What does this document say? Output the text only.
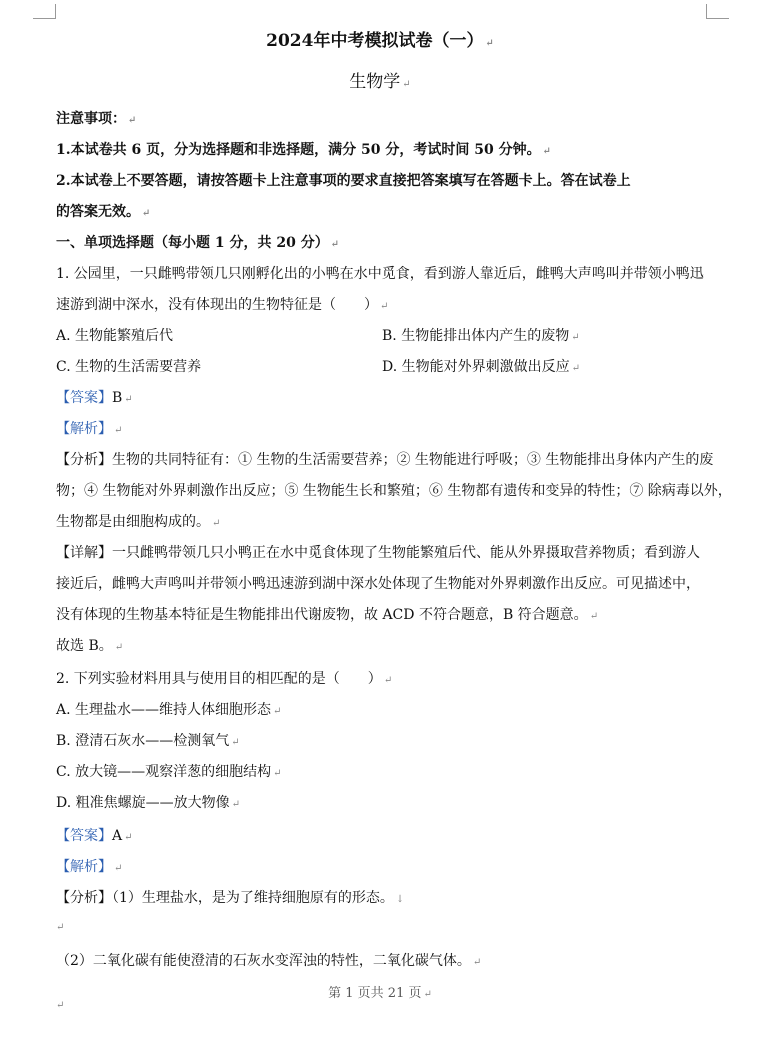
2024年中考模拟试卷（一） ↵
生物学 ↵
注意事项： ↵
1.本试卷共 6 页，分为选择题和非选择题，满分 50 分，考试时间 50 分钟。 ↵
2.本试卷上不要答题，请按答题卡上注意事项的要求直接把答案填写在答题卡上。答在试卷上
的答案无效。 ↵
一、单项选择题（每小题 1 分，共 20 分） ↵
1. 公园里，一只雌鸭带领几只刚孵化出的小鸭在水中觅食，看到游人靠近后，雌鸭大声鸣叫并带领小鸭迅
速游到湖中深水，没有体现出的生物特征是（　　） ↵
A. 生物能繁殖后代	B. 生物能排出体内产生的废物 ↵
C. 生物的生活需要营养	D. 生物能对外界刺激做出反应 ↵
【答案】B ↵
【解析】 ↵
【分析】生物的共同特征有：① 生物的生活需要营养；② 生物能进行呼吸；③ 生物能排出身体内产生的废
物；④ 生物能对外界刺激作出反应；⑤ 生物能生长和繁殖；⑥ 生物都有遗传和变异的特性；⑦ 除病毒以外，
生物都是由细胞构成的。 ↵
【详解】一只雌鸭带领几只小鸭正在水中觅食体现了生物能繁殖后代、能从外界摄取营养物质；看到游人
接近后，雌鸭大声鸣叫并带领小鸭迅速游到湖中深水处体现了生物能对外界刺激作出反应。可见描述中，
没有体现的生物基本特征是生物能排出代谢废物，故 ACD 不符合题意，B 符合题意。 ↵
故选 B。 ↵
2. 下列实验材料用具与使用目的相匹配的是（　　） ↵
A. 生理盐水——维持人体细胞形态 ↵
B. 澄清石灰水——检测氧气 ↵
C. 放大镜——观察洋葱的细胞结构 ↵
D. 粗准焦螺旋——放大物像 ↵
【答案】A ↵
【解析】 ↵
【分析】（1）生理盐水，是为了维持细胞原有的形态。 ↓
↵
（2）二氧化碳有能使澄清的石灰水变浑浊的特性，二氧化碳气体。 ↵
第 1 页共 21 页 ↵
↵
